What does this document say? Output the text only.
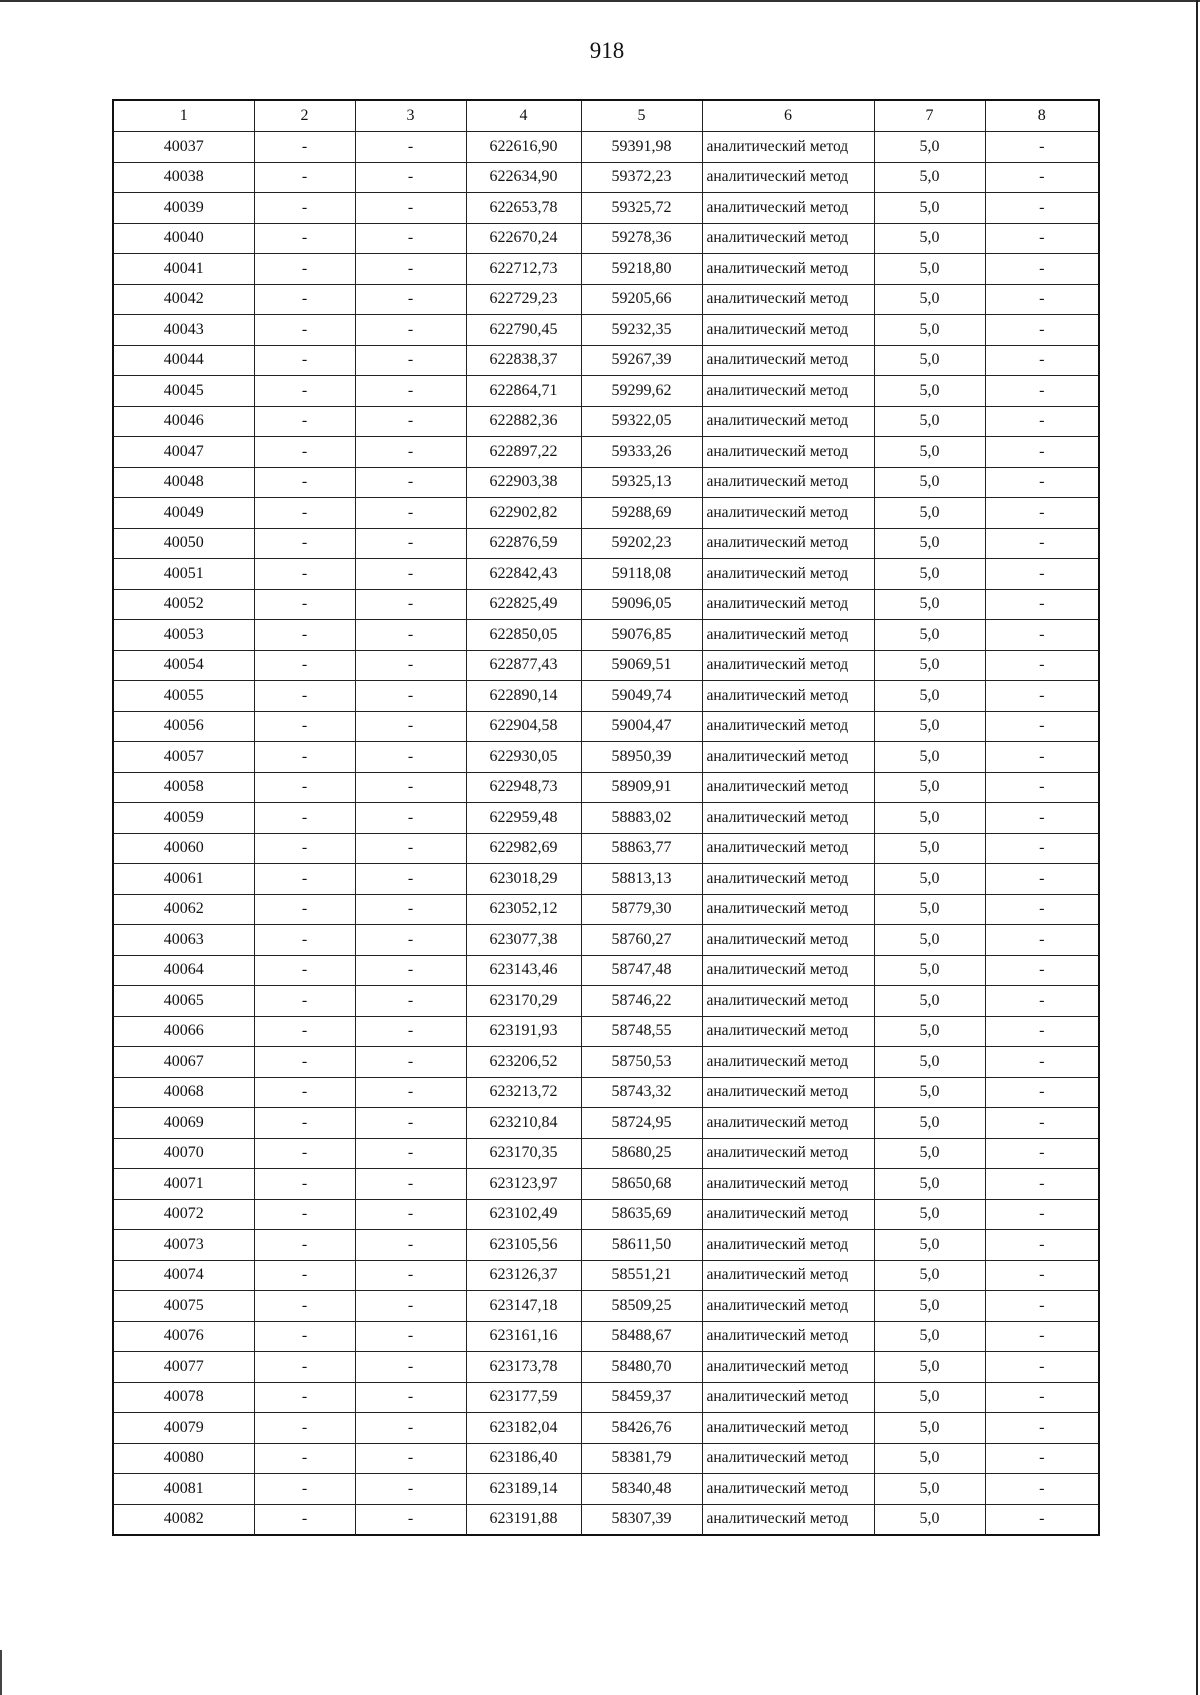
918
1	2	3	4	5	6	7	8
40037	-	-	622616,90	59391,98	аналитический метод	5,0	-
40038	-	-	622634,90	59372,23	аналитический метод	5,0	-
40039	-	-	622653,78	59325,72	аналитический метод	5,0	-
40040	-	-	622670,24	59278,36	аналитический метод	5,0	-
40041	-	-	622712,73	59218,80	аналитический метод	5,0	-
40042	-	-	622729,23	59205,66	аналитический метод	5,0	-
40043	-	-	622790,45	59232,35	аналитический метод	5,0	-
40044	-	-	622838,37	59267,39	аналитический метод	5,0	-
40045	-	-	622864,71	59299,62	аналитический метод	5,0	-
40046	-	-	622882,36	59322,05	аналитический метод	5,0	-
40047	-	-	622897,22	59333,26	аналитический метод	5,0	-
40048	-	-	622903,38	59325,13	аналитический метод	5,0	-
40049	-	-	622902,82	59288,69	аналитический метод	5,0	-
40050	-	-	622876,59	59202,23	аналитический метод	5,0	-
40051	-	-	622842,43	59118,08	аналитический метод	5,0	-
40052	-	-	622825,49	59096,05	аналитический метод	5,0	-
40053	-	-	622850,05	59076,85	аналитический метод	5,0	-
40054	-	-	622877,43	59069,51	аналитический метод	5,0	-
40055	-	-	622890,14	59049,74	аналитический метод	5,0	-
40056	-	-	622904,58	59004,47	аналитический метод	5,0	-
40057	-	-	622930,05	58950,39	аналитический метод	5,0	-
40058	-	-	622948,73	58909,91	аналитический метод	5,0	-
40059	-	-	622959,48	58883,02	аналитический метод	5,0	-
40060	-	-	622982,69	58863,77	аналитический метод	5,0	-
40061	-	-	623018,29	58813,13	аналитический метод	5,0	-
40062	-	-	623052,12	58779,30	аналитический метод	5,0	-
40063	-	-	623077,38	58760,27	аналитический метод	5,0	-
40064	-	-	623143,46	58747,48	аналитический метод	5,0	-
40065	-	-	623170,29	58746,22	аналитический метод	5,0	-
40066	-	-	623191,93	58748,55	аналитический метод	5,0	-
40067	-	-	623206,52	58750,53	аналитический метод	5,0	-
40068	-	-	623213,72	58743,32	аналитический метод	5,0	-
40069	-	-	623210,84	58724,95	аналитический метод	5,0	-
40070	-	-	623170,35	58680,25	аналитический метод	5,0	-
40071	-	-	623123,97	58650,68	аналитический метод	5,0	-
40072	-	-	623102,49	58635,69	аналитический метод	5,0	-
40073	-	-	623105,56	58611,50	аналитический метод	5,0	-
40074	-	-	623126,37	58551,21	аналитический метод	5,0	-
40075	-	-	623147,18	58509,25	аналитический метод	5,0	-
40076	-	-	623161,16	58488,67	аналитический метод	5,0	-
40077	-	-	623173,78	58480,70	аналитический метод	5,0	-
40078	-	-	623177,59	58459,37	аналитический метод	5,0	-
40079	-	-	623182,04	58426,76	аналитический метод	5,0	-
40080	-	-	623186,40	58381,79	аналитический метод	5,0	-
40081	-	-	623189,14	58340,48	аналитический метод	5,0	-
40082	-	-	623191,88	58307,39	аналитический метод	5,0	-
